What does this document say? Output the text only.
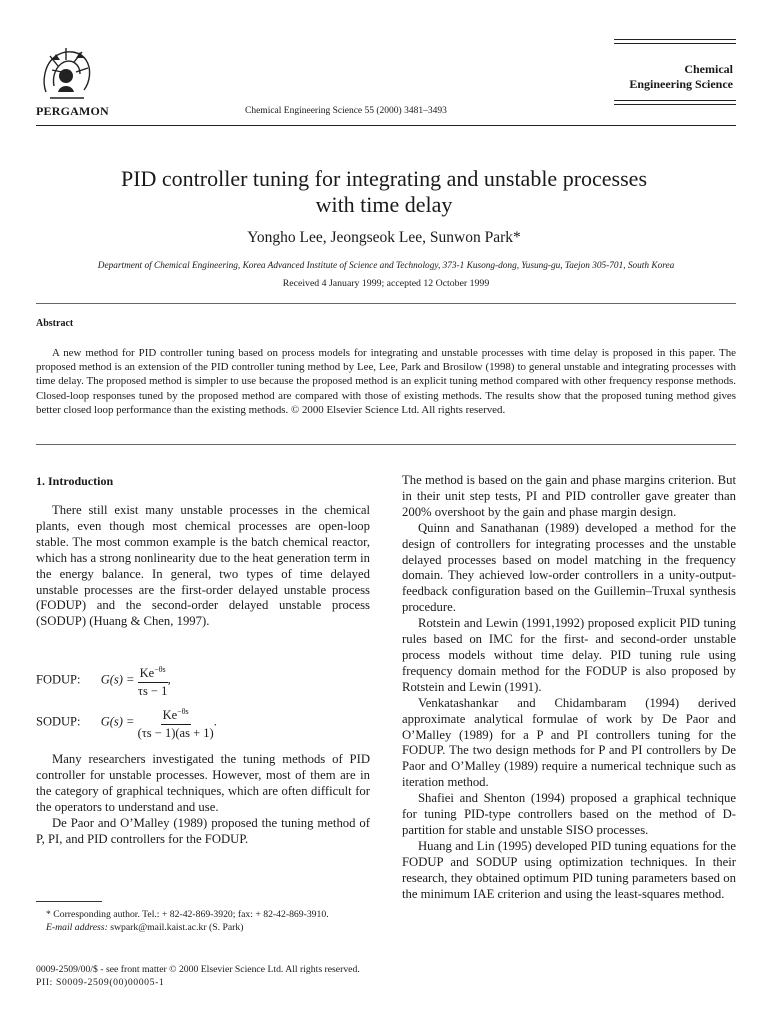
PERGAMON	Chemical Engineering Science 55 (2000) 3481–3493
Chemical
Engineering Science
PID controller tuning for integrating and unstable processes
with time delay
Yongho Lee, Jeongseok Lee, Sunwon Park*
Department of Chemical Engineering, Korea Advanced Institute of Science and Technology, 373-1 Kusong-dong, Yusung-gu, Taejon 305-701, South Korea
Received 4 January 1999; accepted 12 October 1999
Abstract
A new method for PID controller tuning based on process models for integrating and unstable processes with time delay is proposed in this paper. The proposed method is an extension of the PID controller tuning method by Lee, Lee, Park and Brosilow (1998) to general unstable and integrating processes with time delay. The proposed method is simpler to use because the proposed method is an explicit tuning method compared with other frequency response methods. Closed-loop responses tuned by the proposed method are compared with those of existing methods. The results show that the proposed tuning method gives better closed loop performance than the existing methods. © 2000 Elsevier Science Ltd. All rights reserved.
1. Introduction

There still exist many unstable processes in the chemical plants, even though most chemical processes are open-loop stable. The most common example is the batch chemical reactor, which has a strong nonlinearity due to the heat generation term in the energy balance. In general, two types of time delayed unstable processes are the first-order delayed unstable process (FODUP) and the second-order delayed unstable process (SODUP) (Huang & Chen, 1997).

FODUP: $G(s) = \frac{Ke^{-\theta s}}{\tau s - 1}$ ,
SODUP: $G(s) = \frac{Ke^{-\theta s}}{(\tau s - 1)(as + 1)}$ .

Many researchers investigated the tuning methods of PID controller for unstable processes. However, most of them are in the category of graphical techniques, which are often difficult for the operators to understand and use.

De Paor and O’Malley (1989) proposed the tuning method of P, PI, and PID controllers for the FODUP.

* Corresponding author. Tel.: + 82-42-869-3920; fax: + 82-42-869-3910.
E-mail address: swpark@mail.kaist.ac.kr (S. Park)

The method is based on the gain and phase margins criterion. But in their unit step tests, PI and PID controller gave greater than 200% overshoot by the gain and phase margin design.

Quinn and Sanathanan (1989) developed a method for the design of controllers for integrating processes and the unstable delayed processes based on model matching in the frequency domain. They achieved low-order controllers in a unity-output-feedback configuration based on the Guillemin–Truxal synthesis procedure.

Rotstein and Lewin (1991,1992) proposed explicit PID tuning rules based on IMC for the first- and second-order unstable process models without time delay. PID tuning rule using frequency domain method for the FODUP is also proposed by Rotstein and Lewin (1991).

Venkatashankar and Chidambaram (1994) derived approximate analytical formulae of work by De Paor and O’Malley (1989) for a P and PI controllers tuning for the FODUP. The two design methods for P and PI controllers by De Paor and O’Malley (1989) require a numerical technique such as iteration method.

Shafiei and Shenton (1994) proposed a graphical technique for tuning PID-type controllers based on the method of D-partition for stable and unstable SISO processes.

Huang and Lin (1995) developed PID tuning equations for the FODUP and SODUP using optimization techniques. In their research, they obtained optimum PID tuning parameters based on the minimum IAE criterion and using the least-squares method.

0009-2509/00/$ - see front matter © 2000 Elsevier Science Ltd. All rights reserved.
PII: S0009-2509(00)00005-1
